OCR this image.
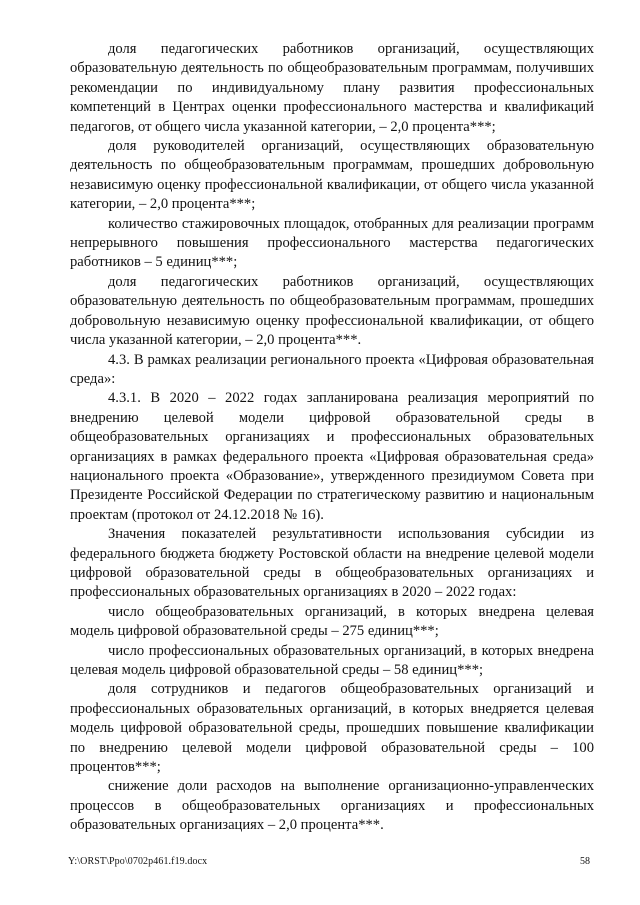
доля педагогических работников организаций, осуществляющих образовательную деятельность по общеобразовательным программам, получивших рекомендации по индивидуальному плану развития профессиональных компетенций в Центрах оценки профессионального мастерства и квалификаций педагогов, от общего числа указанной категории, – 2,0 процента***;

доля руководителей организаций, осуществляющих образовательную деятельность по общеобразовательным программам, прошедших добровольную независимую оценку профессиональной квалификации, от общего числа указанной категории, – 2,0 процента***;

количество стажировочных площадок, отобранных для реализации программ непрерывного повышения профессионального мастерства педагогических работников – 5 единиц***;

доля педагогических работников организаций, осуществляющих образовательную деятельность по общеобразовательным программам, прошедших добровольную независимую оценку профессиональной квалификации, от общего числа указанной категории, – 2,0 процента***.

4.3. В рамках реализации регионального проекта «Цифровая образовательная среда»:

4.3.1. В 2020 – 2022 годах запланирована реализация мероприятий по внедрению целевой модели цифровой образовательной среды в общеобразовательных организациях и профессиональных образовательных организациях в рамках федерального проекта «Цифровая образовательная среда» национального проекта «Образование», утвержденного президиумом Совета при Президенте Российской Федерации по стратегическому развитию и национальным проектам (протокол от 24.12.2018 № 16).

Значения показателей результативности использования субсидии из федерального бюджета бюджету Ростовской области на внедрение целевой модели цифровой образовательной среды в общеобразовательных организациях и профессиональных образовательных организациях в 2020 – 2022 годах:

число общеобразовательных организаций, в которых внедрена целевая модель цифровой образовательной среды – 275 единиц***;

число профессиональных образовательных организаций, в которых внедрена целевая модель цифровой образовательной среды – 58 единиц***;

доля сотрудников и педагогов общеобразовательных организаций и профессиональных образовательных организаций, в которых внедряется целевая модель цифровой образовательной среды, прошедших повышение квалификации по внедрению целевой модели цифровой образовательной среды – 100 процентов***;

снижение доли расходов на выполнение организационно-управленческих процессов в общеобразовательных организациях и профессиональных образовательных организациях – 2,0 процента***.

Y:\ORST\Ppo\0702p461.f19.docx	58
